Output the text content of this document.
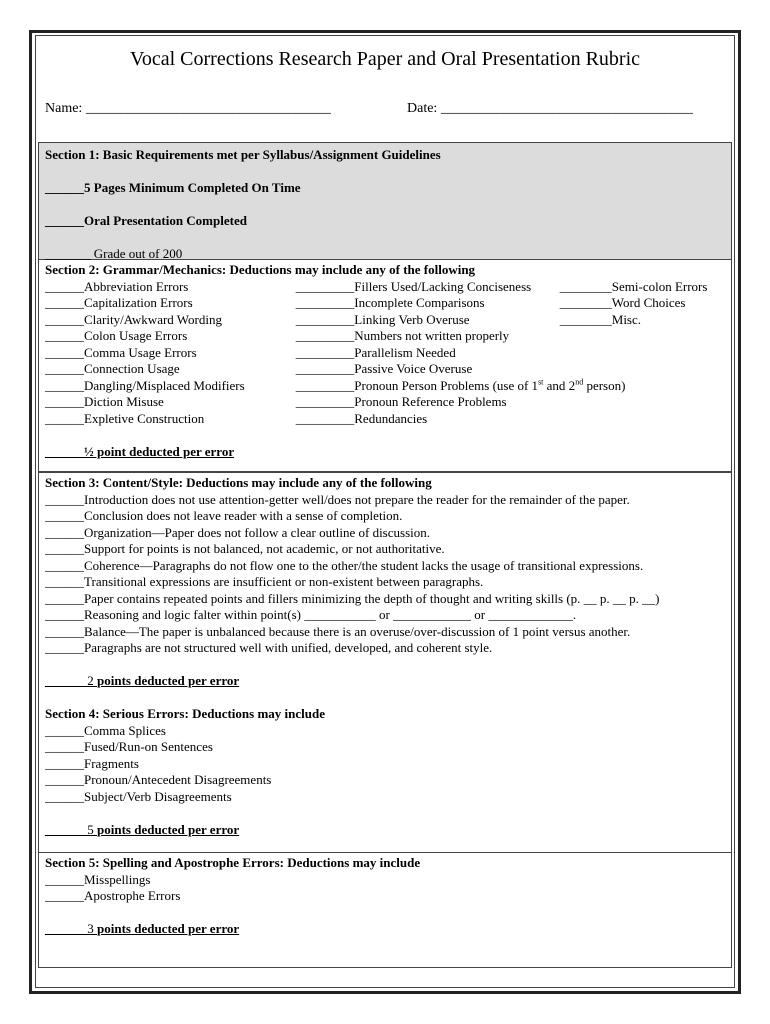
Vocal Corrections Research Paper and Oral Presentation Rubric
Name: ___________________________________	Date: ____________________________________
Section 1: Basic Requirements met per Syllabus/Assignment Guidelines
______5 Pages Minimum Completed On Time
______Oral Presentation Completed
_______ Grade out of 200
Section 2: Grammar/Mechanics: Deductions may include any of the following
______Abbreviation Errors
______Capitalization Errors
______Clarity/Awkward Wording
______Colon Usage Errors
______Comma Usage Errors
______Connection Usage
______Dangling/Misplaced Modifiers
______Diction Misuse
______Expletive Construction
_________Fillers Used/Lacking Conciseness
_________Incomplete Comparisons
_________Linking Verb Overuse
_________Numbers not written properly
_________Parallelism Needed
_________Passive Voice Overuse
_________Pronoun Person Problems (use of 1st and 2nd person)
_________Pronoun Reference Problems
_________Redundancies
________Semi-colon Errors
________Word Choices
________Misc.
______½ point deducted per error
Section 3: Content/Style: Deductions may include any of the following
______Introduction does not use attention-getter well/does not prepare the reader for the remainder of the paper.
______Conclusion does not leave reader with a sense of completion.
______Organization—Paper does not follow a clear outline of discussion.
______Support for points is not balanced, not academic, or not authoritative.
______Coherence—Paragraphs do not flow one to the other/the student lacks the usage of transitional expressions.
______Transitional expressions are insufficient or non-existent between paragraphs.
______Paper contains repeated points and fillers minimizing the depth of thought and writing skills (p. __ p. __ p. __)
______Reasoning and logic falter within point(s) ___________ or ____________ or _____________.
______Balance—The paper is unbalanced because there is an overuse/over-discussion of 1 point versus another.
______Paragraphs are not structured well with unified, developed, and coherent style.
______ 2 points deducted per error
Section 4: Serious Errors: Deductions may include
______Comma Splices
______Fused/Run-on Sentences
______Fragments
______Pronoun/Antecedent Disagreements
______Subject/Verb Disagreements
______ 5 points deducted per error
Section 5: Spelling and Apostrophe Errors: Deductions may include
______Misspellings
______Apostrophe Errors
______ 3 points deducted per error
